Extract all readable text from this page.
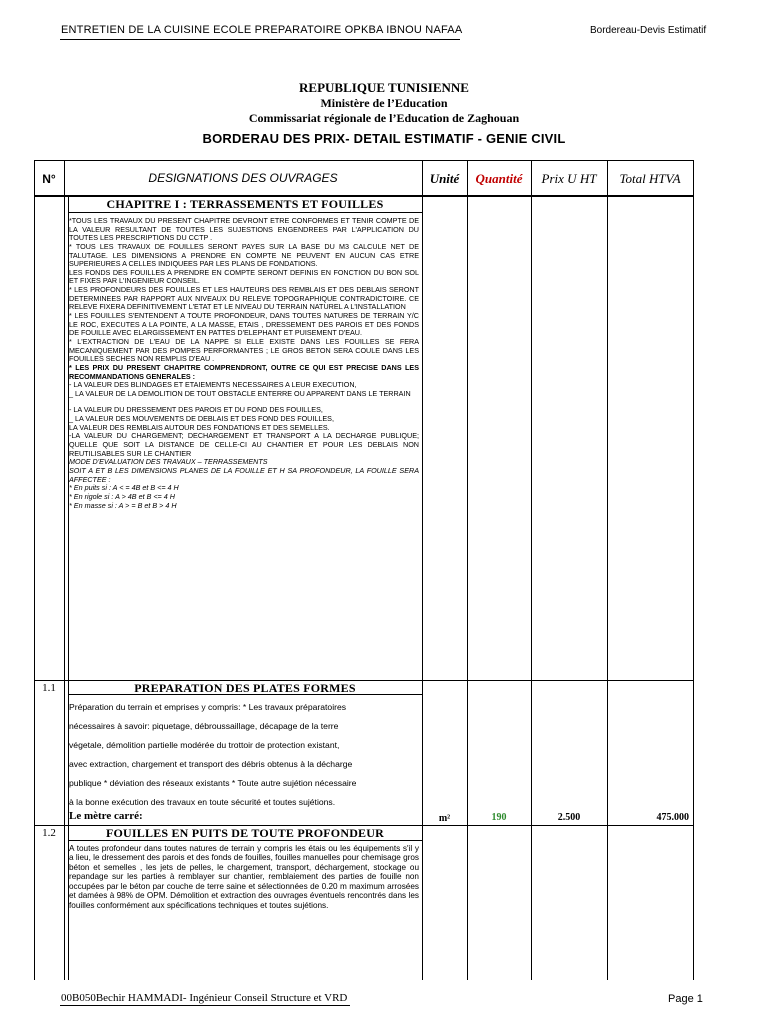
ENTRETIEN DE LA CUISINE ECOLE PREPARATOIRE OPKBA IBNOU NAFAA	Bordereau-Devis Estimatif
REPUBLIQUE TUNISIENNE
Ministère de l’Education
Commissariat régionale de l’Education de Zaghouan
BORDERAU DES PRIX- DETAIL ESTIMATIF - GENIE CIVIL
N°	DESIGNATIONS DES OUVRAGES	Unité	Quantité	Prix U HT	Total HTVA
CHAPITRE I : TERRASSEMENTS ET FOUILLES

*TOUS LES TRAVAUX DU PRESENT CHAPITRE DEVRONT ETRE CONFORMES ET TENIR COMPTE DE LA VALEUR RESULTANT DE TOUTES LES SUJESTIONS ENGENDREES PAR L'APPLICATION DU TOUTES LES PRESCRIPTIONS DU CCTP .

* TOUS LES TRAVAUX DE FOUILLES SERONT PAYES SUR LA BASE DU M3 CALCULE NET DE TALUTAGE. LES DIMENSIONS A PRENDRE EN COMPTE NE PEUVENT EN AUCUN CAS ETRE SUPERIEURES A CELLES INDIQUEES PAR LES PLANS DE FONDATIONS.

LES FONDS DES FOUILLES A PRENDRE EN COMPTE SERONT DEFINIS EN FONCTION DU BON SOL ET FIXES PAR L'INGENIEUR CONSEIL.

* LES PROFONDEURS DES FOUILLES ET LES HAUTEURS DES REMBLAIS ET DES DEBLAIS SERONT DETERMINEES PAR RAPPORT AUX NIVEAUX DU RELEVE TOPOGRAPHIQUE CONTRADICTOIRE. CE RELEVE FIXERA DEFINITIVEMENT L'ETAT ET LE NIVEAU DU TERRAIN NATUREL A L'INSTALLATION

* LES FOUILLES S'ENTENDENT A TOUTE PROFONDEUR, DANS TOUTES NATURES DE TERRAIN Y/C LE ROC, EXECUTES A LA POINTE, A LA MASSE, ETAIS , DRESSEMENT DES PAROIS ET DES FONDS DE FOUILLE AVEC ELARGISSEMENT EN PATTES D'ELEPHANT ET PUISEMENT D'EAU.

* L'EXTRACTION DE L'EAU DE LA NAPPE SI ELLE EXISTE DANS LES FOUILLES SE FERA MECANIQUEMENT PAR DES POMPES PERFORMANTES ; LE GROS BETON SERA COULE DANS LES FOUILLES SECHES NON REMPLIS D'EAU .

* LES PRIX DU PRESENT CHAPITRE COMPRENDRONT, OUTRE CE QUI EST PRECISE DANS LES RECOMMANDATIONS GENERALES :

- LA VALEUR DES BLINDAGES ET ETAIEMENTS NECESSAIRES A LEUR EXECUTION,

_ LA VALEUR DE LA DEMOLITION DE TOUT OBSTACLE ENTERRE OU APPARENT DANS LE TERRAIN

- LA VALEUR DU DRESSEMENT DES PAROIS ET DU FOND DES FOUILLES,

_ LA VALEUR DES MOUVEMENTS DE DEBLAIS ET DES FOND DES FOUILLES,

LA VALEUR DES REMBLAIS AUTOUR DES FONDATIONS ET DES SEMELLES.

-LA VALEUR DU CHARGEMENT; DECHARGEMENT ET TRANSPORT A LA DECHARGE PUBLIQUE; QUELLE QUE SOIT LA DISTANCE DE CELLE-CI AU CHANTIER ET POUR LES DEBLAIS NON REUTILISABLES SUR LE CHANTIER

MODE D'EVALUATION DES TRAVAUX – TERRASSEMENTS

SOIT A ET B LES DIMENSIONS PLANES DE LA FOUILLE ET H SA PROFONDEUR, LA FOUILLE SERA AFFECTEE :

* En puits si : A < = 4B et B <= 4 H

* En rigole si : A > 4B et B <= 4 H

* En masse si : A > = B et B > 4 H

1.1	PREPARATION DES PLATES FORMES
Préparation du terrain et emprises y compris: * Les travaux préparatoires
nécessaires à savoir: piquetage, débroussaillage, décapage de la terre
végetale, démolition partielle modérée du trottoir de protection existant,
avec extraction, chargement et transport des débris obtenus à la décharge
publique * déviation des réseaux existants * Toute autre sujétion nécessaire
à la bonne exécution des travaux en toute sécurité et toutes sujétions.
Le mètre carré:	m²	190	2.500	475.000
1.2	FOUILLES EN PUITS DE TOUTE PROFONDEUR
A toutes profondeur dans toutes natures de terrain y compris les étais ou les équipements s'il y a lieu, le dressement des parois et des fonds de fouilles, fouilles manuelles pour chemisage gros béton et semelles , les jets de pelles, le chargement, transport, déchargement, stockage ou repandage sur les parties à remblayer sur chantier, remblaiement des parties de fouille non occupées par le béton par couche de terre saine et sélectionnées de 0.20 m maximum arrosées et damées à 98% de OPM. Démolition et extraction des ouvrages éventuels rencontrés dans les fouilles conformément aux spécifications techniques et toutes sujétions.
00B050Bechir HAMMADI- Ingénieur Conseil Structure et VRD	Page 1
